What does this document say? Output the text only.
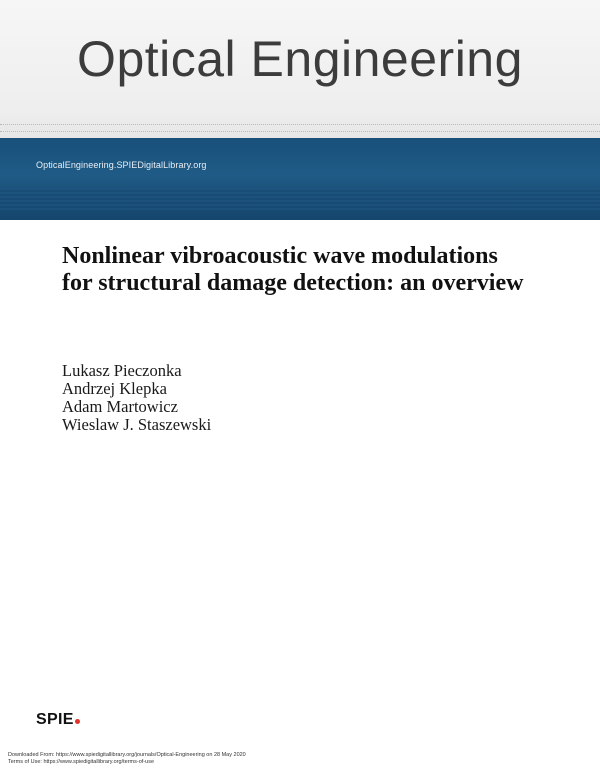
Optical Engineering
OpticalEngineering.SPIEDigitalLibrary.org
Nonlinear vibroacoustic wave modulations for structural damage detection: an overview
Lukasz Pieczonka
Andrzej Klepka
Adam Martowicz
Wieslaw J. Staszewski
SPIE
Downloaded From: https://www.spiedigitallibrary.org/journals/Optical-Engineering on 28 May 2020
Terms of Use: https://www.spiedigitallibrary.org/terms-of-use
